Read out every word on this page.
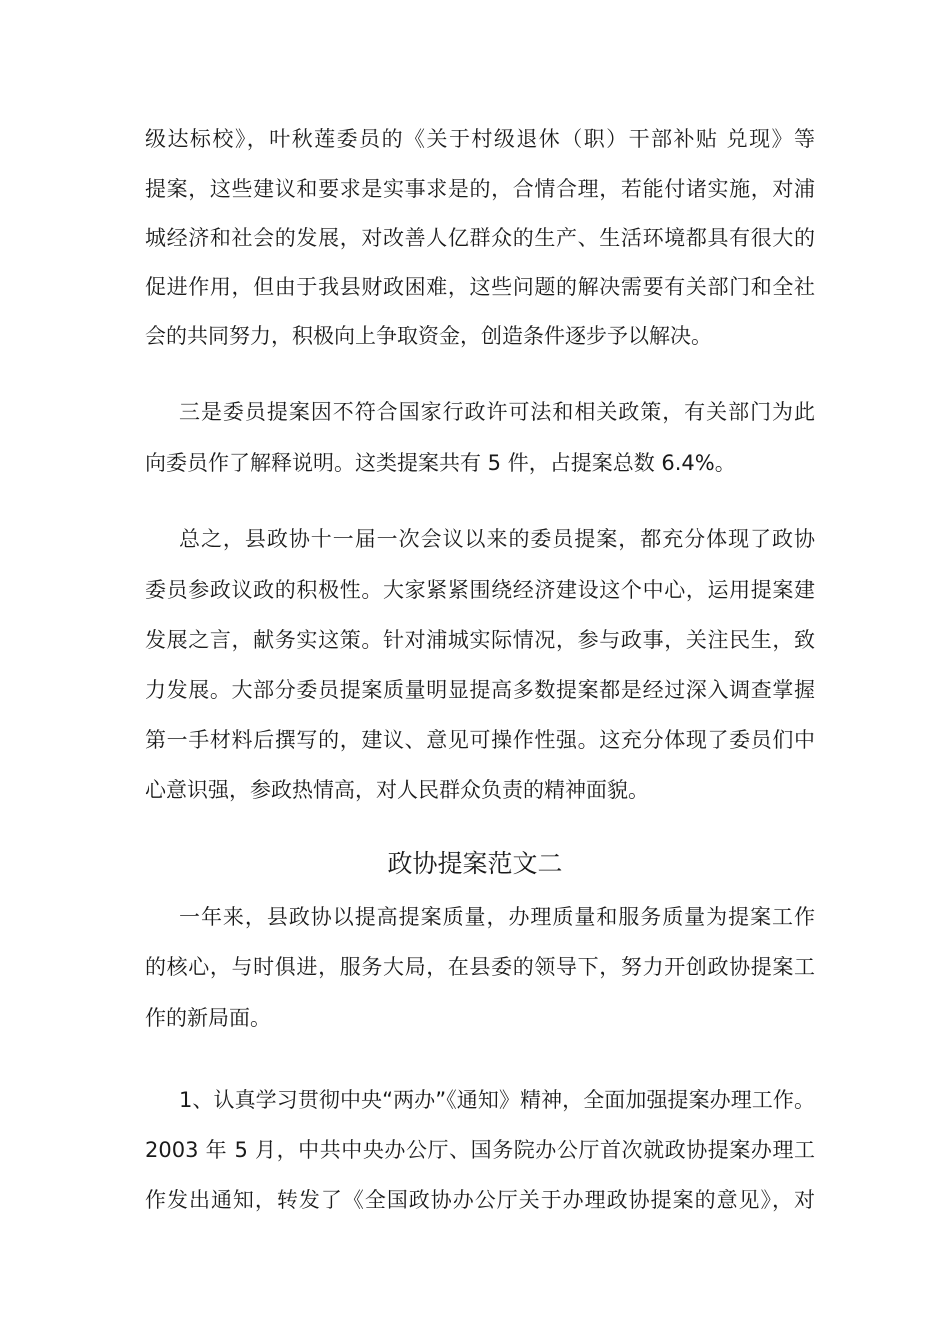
级达标校》，叶秋莲委员的《关于村级退休（职）干部补贴 兑现》等
提案，这些建议和要求是实事求是的，合情合理，若能付诸实施，对浦
城经济和社会的发展，对改善人亿群众的生产、生活环境都具有很大的
促进作用，但由于我县财政困难，这些问题的解决需要有关部门和全社
会的共同努力，积极向上争取资金，创造条件逐步予以解决。
三是委员提案因不符合国家行政许可法和相关政策，有关部门为此
向委员作了解释说明。这类提案共有 5 件，占提案总数 6.4%。
总之，县政协十一届一次会议以来的委员提案，都充分体现了政协
委员参政议政的积极性。大家紧紧围绕经济建设这个中心，运用提案建
发展之言，献务实这策。针对浦城实际情况，参与政事，关注民生，致
力发展。大部分委员提案质量明显提高多数提案都是经过深入调查掌握
第一手材料后撰写的，建议、意见可操作性强。这充分体现了委员们中
心意识强，参政热情高，对人民群众负责的精神面貌。
政协提案范文二
一年来，县政协以提高提案质量，办理质量和服务质量为提案工作
的核心，与时俱进，服务大局，在县委的领导下，努力开创政协提案工
作的新局面。
1、认真学习贯彻中央“两办”《通知》精神，全面加强提案办理工作。
2003 年 5 月，中共中央办公厅、国务院办公厅首次就政协提案办理工
作发出通知，转发了《全国政协办公厅关于办理政协提案的意见》，对
